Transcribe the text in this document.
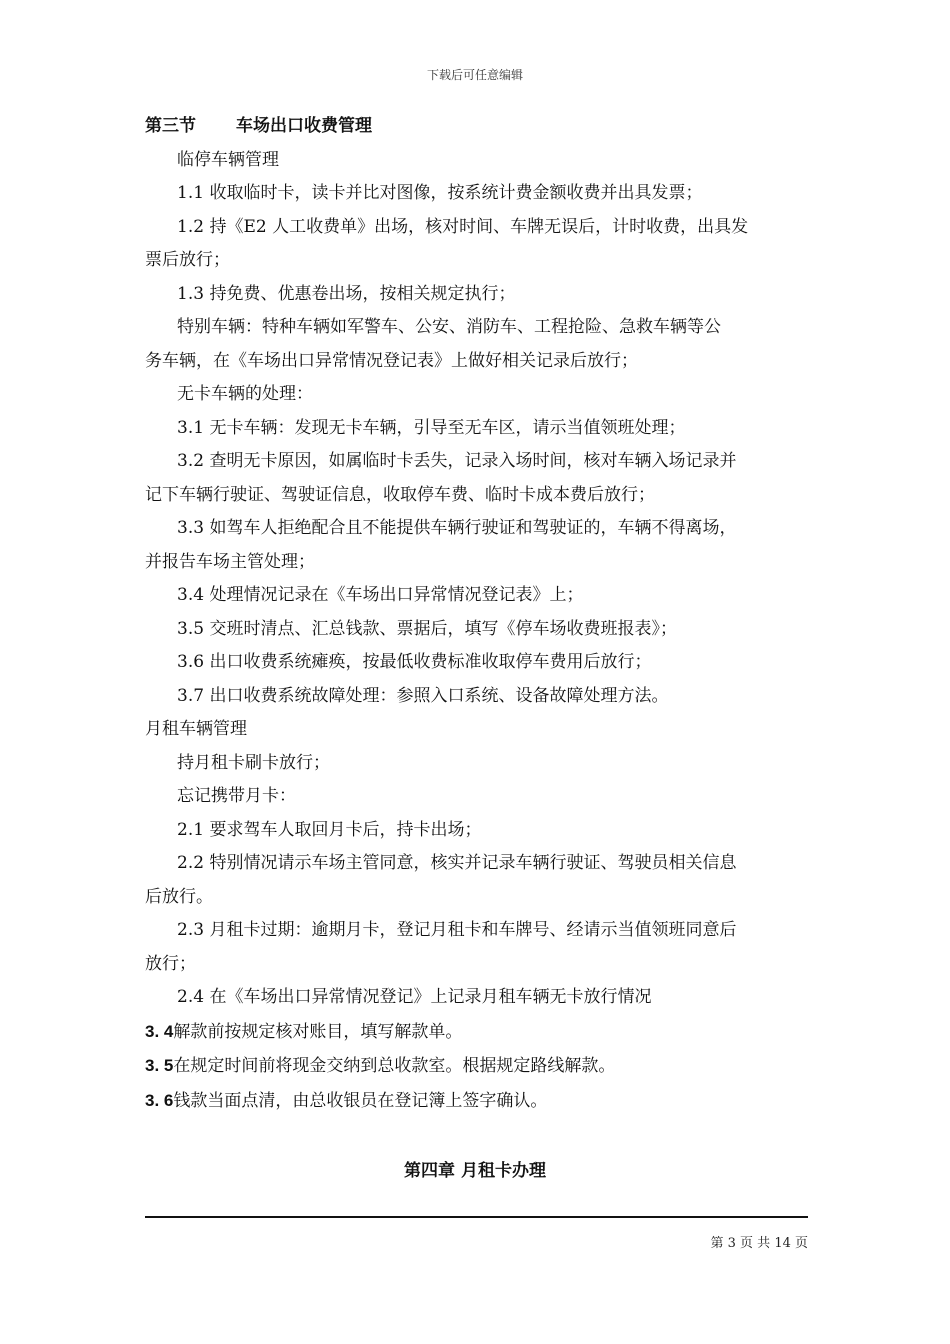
下载后可任意编辑
第三节 车场出口收费管理
临停车辆管理
1.1 收取临时卡，读卡并比对图像，按系统计费金额收费并出具发票；
1.2 持《E2 人工收费单》出场，核对时间、车牌无误后，计时收费，出具发
票后放行；
1.3 持免费、优惠卷出场，按相关规定执行；
特别车辆：特种车辆如军警车、公安、消防车、工程抢险、急救车辆等公
务车辆，在《车场出口异常情况登记表》上做好相关记录后放行；
无卡车辆的处理：
3.1 无卡车辆：发现无卡车辆，引导至无车区，请示当值领班处理；
3.2 查明无卡原因，如属临时卡丢失，记录入场时间，核对车辆入场记录并
记下车辆行驶证、驾驶证信息，收取停车费、临时卡成本费后放行；
3.3 如驾车人拒绝配合且不能提供车辆行驶证和驾驶证的，车辆不得离场，
并报告车场主管处理；
3.4 处理情况记录在《车场出口异常情况登记表》上；
3.5 交班时清点、汇总钱款、票据后，填写《停车场收费班报表》；
3.6 出口收费系统瘫痪，按最低收费标准收取停车费用后放行；
3.7 出口收费系统故障处理：参照入口系统、设备故障处理方法。
月租车辆管理
持月租卡刷卡放行；
忘记携带月卡：
2.1 要求驾车人取回月卡后，持卡出场；
2.2 特别情况请示车场主管同意，核实并记录车辆行驶证、驾驶员相关信息
后放行。
2.3 月租卡过期：逾期月卡，登记月租卡和车牌号、经请示当值领班同意后
放行；
2.4 在《车场出口异常情况登记》上记录月租车辆无卡放行情况
3. 4解款前按规定核对账目，填写解款单。
3. 5在规定时间前将现金交纳到总收款室。根据规定路线解款。
3. 6钱款当面点清，由总收银员在登记簿上签字确认。
第四章 月租卡办理
第 3 页 共 14 页
